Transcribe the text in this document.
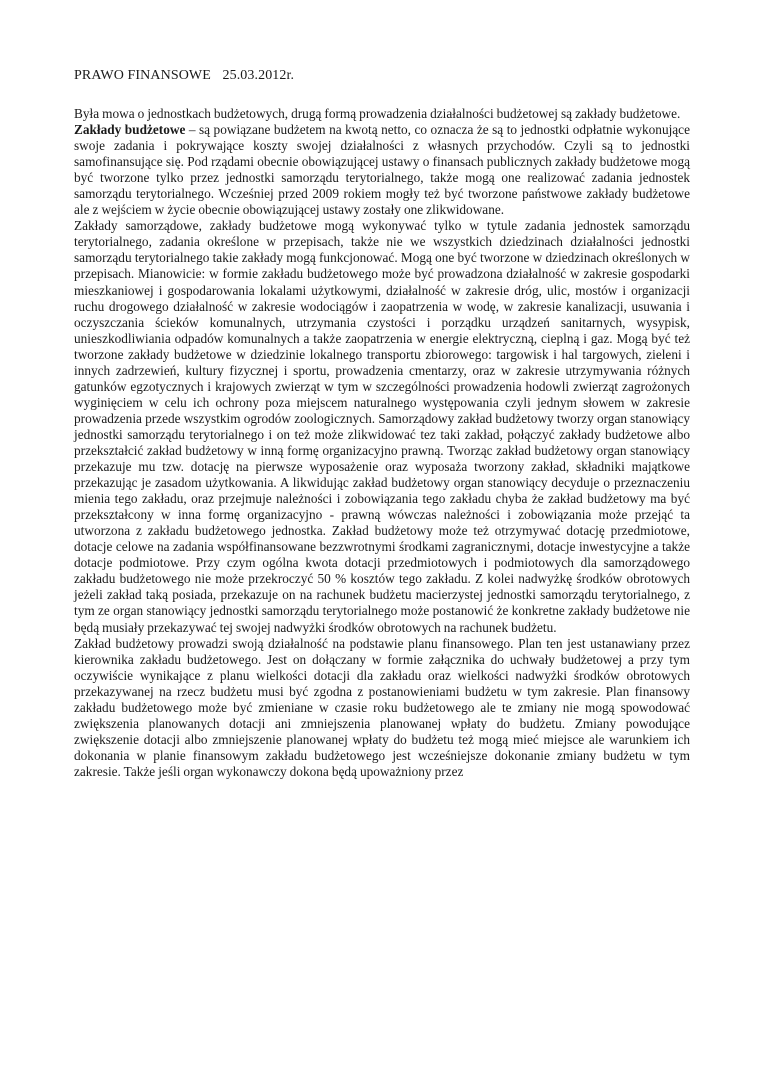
PRAWO FINANSOWE 25.03.2012r.

Była mowa o jednostkach budżetowych, drugą formą prowadzenia działalności budżetowej są zakłady budżetowe.

Zakłady budżetowe – są powiązane budżetem na kwotą netto, co oznacza że są to jednostki odpłatnie wykonujące swoje zadania i pokrywające koszty swojej działalności z własnych przychodów. Czyli są to jednostki samofinansujące się. Pod rządami obecnie obowiązującej ustawy o finansach publicznych zakłady budżetowe mogą być tworzone tylko przez jednostki samorządu terytorialnego, także mogą one realizować zadania jednostek samorządu terytorialnego. Wcześniej przed 2009 rokiem mogły też być tworzone państwowe zakłady budżetowe ale z wejściem w życie obecnie obowiązującej ustawy zostały one zlikwidowane.

Zakłady samorządowe, zakłady budżetowe mogą wykonywać tylko w tytule zadania jednostek samorządu terytorialnego, zadania określone w przepisach, także nie we wszystkich dziedzinach działalności jednostki samorządu terytorialnego takie zakłady mogą funkcjonować. Mogą one być tworzone w dziedzinach określonych w przepisach. Mianowicie: w formie zakładu budżetowego może być prowadzona działalność w zakresie gospodarki mieszkaniowej i gospodarowania lokalami użytkowymi, działalność w zakresie dróg, ulic, mostów i organizacji ruchu drogowego działalność w zakresie wodociągów i zaopatrzenia w wodę, w zakresie kanalizacji, usuwania i oczyszczania ścieków komunalnych, utrzymania czystości i porządku urządzeń sanitarnych, wysypisk, unieszkodliwiania odpadów komunalnych a także zaopatrzenia w energie elektryczną, cieplną i gaz. Mogą być też tworzone zakłady budżetowe w dziedzinie lokalnego transportu zbiorowego: targowisk i hal targowych, zieleni i innych zadrzewień, kultury fizycznej i sportu, prowadzenia cmentarzy, oraz w zakresie utrzymywania różnych gatunków egzotycznych i krajowych zwierząt w tym w szczególności prowadzenia hodowli zwierząt zagrożonych wyginięciem w celu ich ochrony poza miejscem naturalnego występowania czyli jednym słowem w zakresie prowadzenia przede wszystkim ogrodów zoologicznych. Samorządowy zakład budżetowy tworzy organ stanowiący jednostki samorządu terytorialnego i on też może zlikwidować tez taki zakład, połączyć zakłady budżetowe albo przekształcić zakład budżetowy w inną formę organizacyjno prawną. Tworząc zakład budżetowy organ stanowiący przekazuje mu tzw. dotację na pierwsze wyposażenie oraz wyposaża tworzony zakład, składniki majątkowe przekazując je zasadom użytkowania. A likwidując zakład budżetowy organ stanowiący decyduje o przeznaczeniu mienia tego zakładu, oraz przejmuje należności i zobowiązania tego zakładu chyba że zakład budżetowy ma być przekształcony w inna formę organizacyjno - prawną wówczas należności i zobowiązania może przejąć ta utworzona z zakładu budżetowego jednostka. Zakład budżetowy może też otrzymywać dotację przedmiotowe, dotacje celowe na zadania współfinansowane bezzwrotnymi środkami zagranicznymi, dotacje inwestycyjne a także dotacje podmiotowe. Przy czym ogólna kwota dotacji przedmiotowych i podmiotowych dla samorządowego zakładu budżetowego nie może przekroczyć 50 % kosztów tego zakładu. Z kolei nadwyżkę środków obrotowych jeżeli zakład taką posiada, przekazuje on na rachunek budżetu macierzystej jednostki samorządu terytorialnego, z tym ze organ stanowiący jednostki samorządu terytorialnego może postanowić że konkretne zakłady budżetowe nie będą musiały przekazywać tej swojej nadwyżki środków obrotowych na rachunek budżetu.

Zakład budżetowy prowadzi swoją działalność na podstawie planu finansowego. Plan ten jest ustanawiany przez kierownika zakładu budżetowego. Jest on dołączany w formie załącznika do uchwały budżetowej a przy tym oczywiście wynikające z planu wielkości dotacji dla zakładu oraz wielkości nadwyżki środków obrotowych przekazywanej na rzecz budżetu musi być zgodna z postanowieniami budżetu w tym zakresie. Plan finansowy zakładu budżetowego może być zmieniane w czasie roku budżetowego ale te zmiany nie mogą spowodować zwiększenia planowanych dotacji ani zmniejszenia planowanej wpłaty do budżetu. Zmiany powodujące zwiększenie dotacji albo zmniejszenie planowanej wpłaty do budżetu też mogą mieć miejsce ale warunkiem ich dokonania w planie finansowym zakładu budżetowego jest wcześniejsze dokonanie zmiany budżetu w tym zakresie. Także jeśli organ wykonawczy dokona będą upoważniony przez
